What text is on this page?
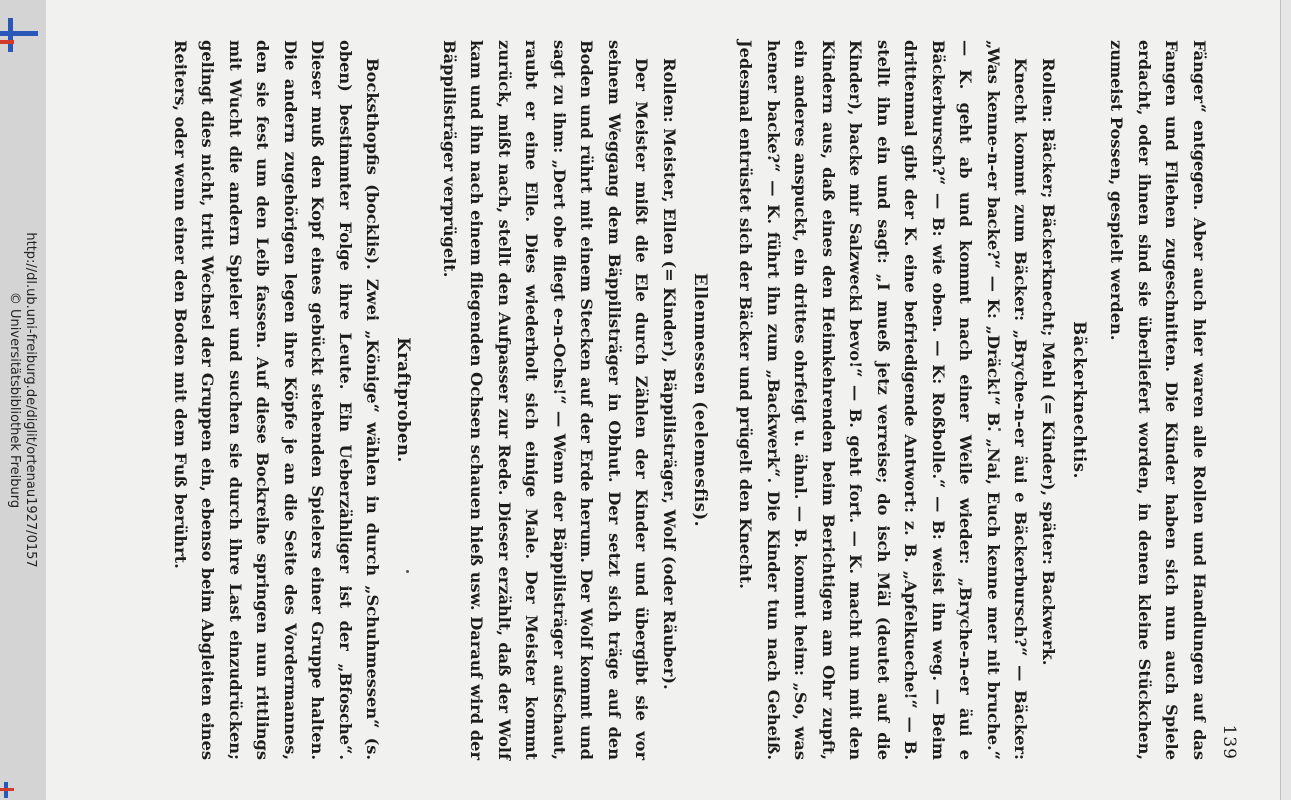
http://dl.ub.uni-freiburg.de/diglit/ortenau1927/0157
© Universitätsbibliothek Freiburg
139

Fänger“ entgegen. Aber auch hier waren alle Rollen und Handlungen auf das Fangen und Fliehen zugeschnitten. Die Kinder haben sich nun auch Spiele erdacht, oder ihnen sind sie überliefert worden, in denen kleine Stückchen, zumeist Possen, gespielt werden.

Bäckerknechtis.

Rollen: Bäcker; Bäckerknecht; Mehl (= Kinder), später: Backwerk.

Knecht kommt zum Bäcker: „Bryche-n-er äui e Bäckerbursch?“ — Bäcker: „Was kenne-n-er backe?“ — K: „Dräck!“ B. „Nai, Euch kenne mer nit bruche.“ — K. geht ab und kommt nach einer Weile wieder: „Bryche-n-er äui e Bäckerbursch?“ — B: wie oben. — K: Roßbolle.“ — B: weist ihn weg. — Beim drittenmal gibt der K. eine befriedigende Antwort: z. B. „Apfelkueche!“ — B. stellt ihn ein und sagt: „I mueß jetz verreise; do isch Mäl (deutet auf die Kinder), backe mir Salzwecki bevo!“ — B. geht fort. — K. macht nun mit den Kindern aus, daß eines den Heimkehrenden beim Berichtigen am Ohr zupft, ein anderes anspuckt, ein drittes ohrfeigt u. ähnl. — B. kommt heim: „So, was hener backe?“ — K. führt ihn zum „Backwerk“. Die Kinder tun nach Geheiß. Jedesmal entrüstet sich der Bäcker und prügelt den Knecht.

Ellenmessen (eelemesfis).

Rollen: Meister, Ellen (= Kinder), Bäppilisträger, Wolf (oder Räuber).

Der Meister mißt die Ele durch Zählen der Kinder und übergibt sie vor seinem Weggang dem Bäppilisträger in Obhut. Der setzt sich träge auf den Boden und rührt mit einem Stecken auf der Erde herum. Der Wolf kommt und sagt zu ihm: „Dert obe fliegt e-n-Ochs!“ — Wenn der Bäppilisträger aufschaut, raubt er eine Elle. Dies wiederholt sich einige Male. Der Meister kommt zurück, mißt nach, stellt den Aufpasser zur Rede. Dieser erzählt, daß der Wolf kam und ihn nach einem fliegenden Ochsen schauen hieß usw. Darauf wird der Bäppilisträger verprügelt.

Kraftproben.

Bocksthopfis (bocklis). Zwei „Könige“ wählen in durch „Schuhmessen“ (s. oben) bestimmter Folge ihre Leute. Ein Ueberzähliger ist der „Bfosche“. Dieser muß den Kopf eines gebückt stehenden Spielers einer Gruppe halten. Die andern zugehörigen legen ihre Köpfe je an die Seite des Vordermannes, den sie fest um den Leib fassen. Auf diese Bockreihe springen nun rittlings mit Wucht die andern Spieler und suchen sie durch ihre Last einzudrücken; gelingt dies nicht, tritt Wechsel der Gruppen ein, ebenso beim Abgleiten eines Reiters, oder wenn einer den Boden mit dem Fuß berührt.
